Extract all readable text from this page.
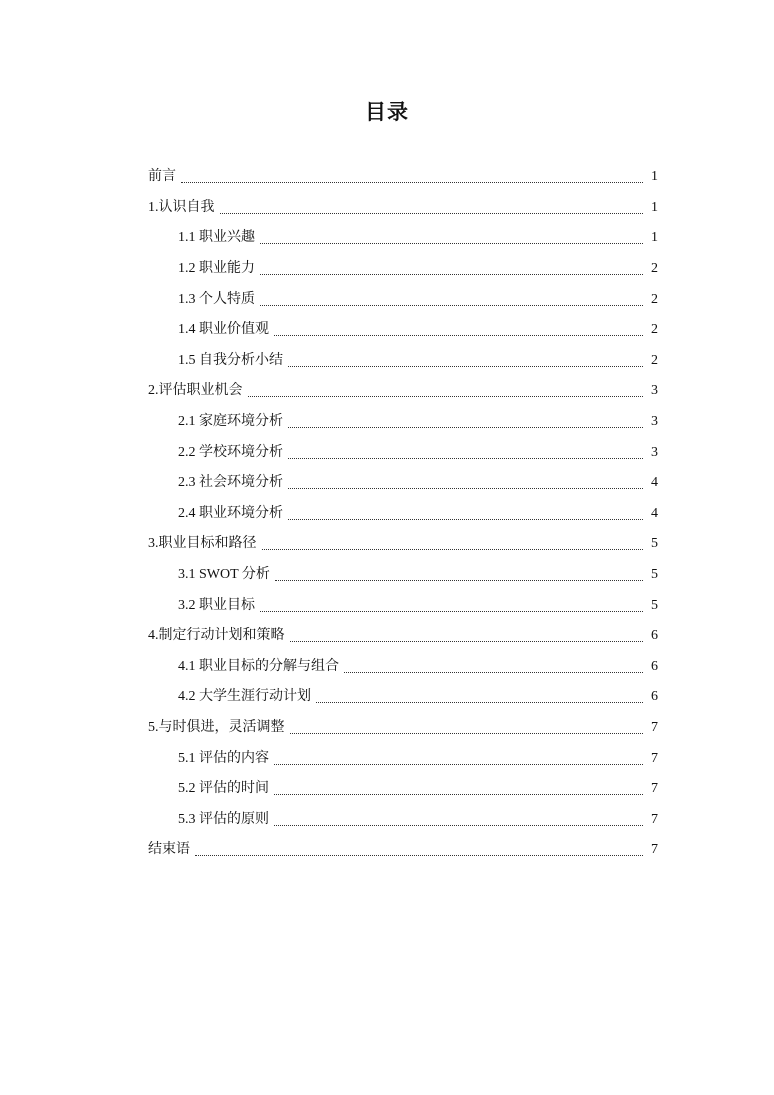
目录
前言	1
1.认识自我	1
1.1 职业兴趣	1
1.2 职业能力	2
1.3 个人特质	2
1.4 职业价值观	2
1.5 自我分析小结	2
2.评估职业机会	3
2.1 家庭环境分析	3
2.2 学校环境分析	3
2.3 社会环境分析	4
2.4 职业环境分析	4
3.职业目标和路径	5
3.1 SWOT 分析	5
3.2 职业目标	5
4.制定行动计划和策略	6
4.1 职业目标的分解与组合	6
4.2 大学生涯行动计划	6
5.与时俱进，灵活调整	7
5.1 评估的内容	7
5.2 评估的时间	7
5.3 评估的原则	7
结束语	7
